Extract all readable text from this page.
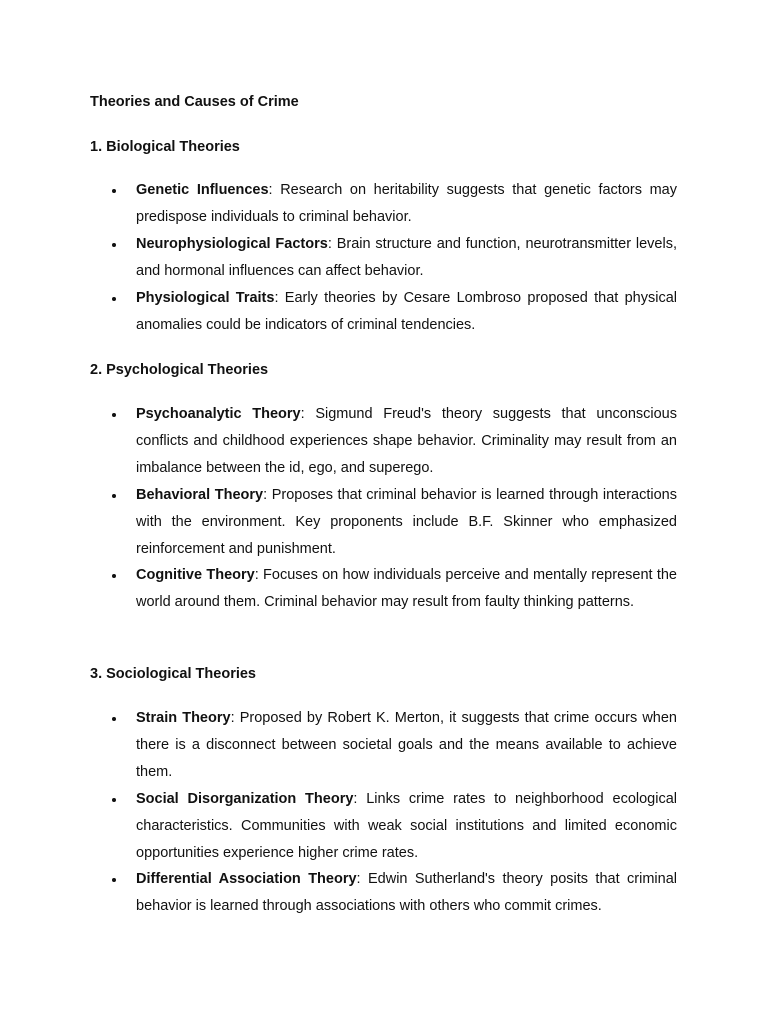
Theories and Causes of Crime
1. Biological Theories
Genetic Influences: Research on heritability suggests that genetic factors may predispose individuals to criminal behavior.
Neurophysiological Factors: Brain structure and function, neurotransmitter levels, and hormonal influences can affect behavior.
Physiological Traits: Early theories by Cesare Lombroso proposed that physical anomalies could be indicators of criminal tendencies.
2. Psychological Theories
Psychoanalytic Theory: Sigmund Freud's theory suggests that unconscious conflicts and childhood experiences shape behavior. Criminality may result from an imbalance between the id, ego, and superego.
Behavioral Theory: Proposes that criminal behavior is learned through interactions with the environment. Key proponents include B.F. Skinner who emphasized reinforcement and punishment.
Cognitive Theory: Focuses on how individuals perceive and mentally represent the world around them. Criminal behavior may result from faulty thinking patterns.
3. Sociological Theories
Strain Theory: Proposed by Robert K. Merton, it suggests that crime occurs when there is a disconnect between societal goals and the means available to achieve them.
Social Disorganization Theory: Links crime rates to neighborhood ecological characteristics. Communities with weak social institutions and limited economic opportunities experience higher crime rates.
Differential Association Theory: Edwin Sutherland's theory posits that criminal behavior is learned through associations with others who commit crimes.
